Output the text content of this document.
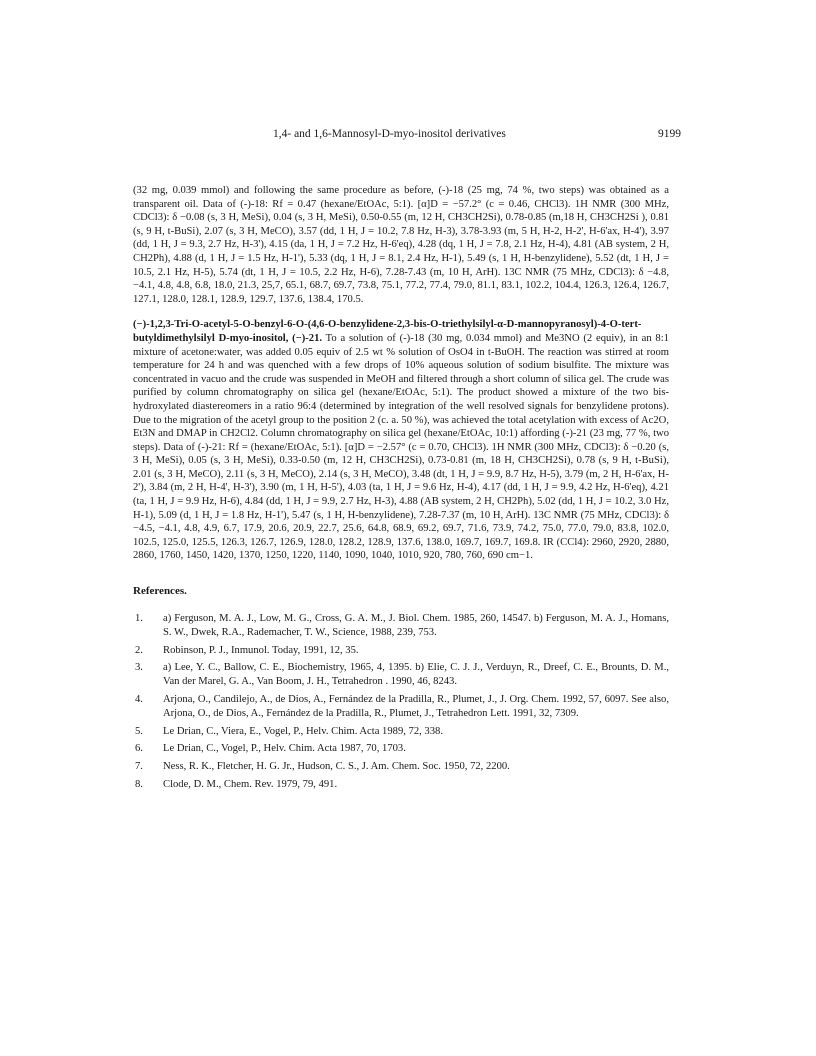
1,4- and 1,6-Mannosyl-D-myo-inositol derivatives	9199

(32 mg, 0.039 mmol) and following the same procedure as before, (-)-18 (25 mg, 74 %, two steps) was obtained as a transparent oil. Data of (-)-18: Rf = 0.47 (hexane/EtOAc, 5:1). [α]D = −57.2° (c = 0.46, CHCl3). 1H NMR (300 MHz, CDCl3): δ −0.08 (s, 3 H, MeSi), 0.04 (s, 3 H, MeSi), 0.50-0.55 (m, 12 H, CH3CH2Si), 0.78-0.85 (m,18 H, CH3CH2Si ), 0.81 (s, 9 H, t-BuSi), 2.07 (s, 3 H, MeCO), 3.57 (dd, 1 H, J = 10.2, 7.8 Hz, H-3), 3.78-3.93 (m, 5 H, H-2, H-2', H-6'ax, H-4'), 3.97 (dd, 1 H, J = 9.3, 2.7 Hz, H-3'), 4.15 (da, 1 H, J = 7.2 Hz, H-6'eq), 4.28 (dq, 1 H, J = 7.8, 2.1 Hz, H-4), 4.81 (AB system, 2 H, CH2Ph), 4.88 (d, 1 H, J = 1.5 Hz, H-1'), 5.33 (dq, 1 H, J = 8.1, 2.4 Hz, H-1), 5.49 (s, 1 H, H-benzylidene), 5.52 (dt, 1 H, J = 10.5, 2.1 Hz, H-5), 5.74 (dt, 1 H, J = 10.5, 2.2 Hz, H-6), 7.28-7.43 (m, 10 H, ArH). 13C NMR (75 MHz, CDCl3): δ −4.8, −4.1, 4.8, 4.8, 6.8, 18.0, 21.3, 25,7, 65.1, 68.7, 69.7, 73.8, 75.1, 77.2, 77.4, 79.0, 81.1, 83.1, 102.2, 104.4, 126.3, 126.4, 126.7, 127.1, 128.0, 128.1, 128.9, 129.7, 137.6, 138.4, 170.5.

(−)-1,2,3-Tri-O-acetyl-5-O-benzyl-6-O-(4,6-O-benzylidene-2,3-bis-O-triethylsilyl-α-D-mannopyranosyl)-4-O-tert-butyldimethylsilyl D-myo-inositol, (−)-21. To a solution of (-)-18 (30 mg, 0.034 mmol) and Me3NO (2 equiv), in an 8:1 mixture of acetone:water, was added 0.05 equiv of 2.5 wt % solution of OsO4 in t-BuOH. The reaction was stirred at room temperature for 24 h and was quenched with a few drops of 10% aqueous solution of sodium bisulfite. The mixture was concentrated in vacuo and the crude was suspended in MeOH and filtered through a short column of silica gel. The crude was purified by column chromatography on silica gel (hexane/EtOAc, 5:1). The product showed a mixture of the two bis-hydroxylated diastereomers in a ratio 96:4 (determined by integration of the well resolved signals for benzylidene protons). Due to the migration of the acetyl group to the position 2 (c. a. 50 %), was achieved the total acetylation with excess of Ac2O, Et3N and DMAP in CH2Cl2. Column chromatography on silica gel (hexane/EtOAc, 10:1) affording (-)-21 (23 mg, 77 %, two steps). Data of (-)-21: Rf = (hexane/EtOAc, 5:1). [α]D = −2.57° (c = 0.70, CHCl3). 1H NMR (300 MHz, CDCl3): δ −0.20 (s, 3 H, MeSi), 0.05 (s, 3 H, MeSi), 0.33-0.50 (m, 12 H, CH3CH2Si), 0.73-0.81 (m, 18 H, CH3CH2Si), 0.78 (s, 9 H, t-BuSi), 2.01 (s, 3 H, MeCO), 2.11 (s, 3 H, MeCO), 2.14 (s, 3 H, MeCO), 3.48 (dt, 1 H, J = 9.9, 8.7 Hz, H-5), 3.79 (m, 2 H, H-6'ax, H-2'), 3.84 (m, 2 H, H-4', H-3'), 3.90 (m, 1 H, H-5'), 4.03 (ta, 1 H, J = 9.6 Hz, H-4), 4.17 (dd, 1 H, J = 9.9, 4.2 Hz, H-6'eq), 4.21 (ta, 1 H, J = 9.9 Hz, H-6), 4.84 (dd, 1 H, J = 9.9, 2.7 Hz, H-3), 4.88 (AB system, 2 H, CH2Ph), 5.02 (dd, 1 H, J = 10.2, 3.0 Hz, H-1), 5.09 (d, 1 H, J = 1.8 Hz, H-1'), 5.47 (s, 1 H, H-benzylidene), 7.28-7.37 (m, 10 H, ArH). 13C NMR (75 MHz, CDCl3): δ −4.5, −4.1, 4.8, 4.9, 6.7, 17.9, 20.6, 20.9, 22.7, 25.6, 64.8, 68.9, 69.2, 69.7, 71.6, 73.9, 74.2, 75.0, 77.0, 79.0, 83.8, 102.0, 102.5, 125.0, 125.5, 126.3, 126.7, 126.9, 128.0, 128.2, 128.9, 137.6, 138.0, 169.7, 169.7, 169.8. IR (CCl4): 2960, 2920, 2880, 2860, 1760, 1450, 1420, 1370, 1250, 1220, 1140, 1090, 1040, 1010, 920, 780, 760, 690 cm−1.

References.
1.	a) Ferguson, M. A. J., Low, M. G., Cross, G. A. M., J. Biol. Chem. 1985, 260, 14547. b) Ferguson, M. A. J., Homans, S. W., Dwek, R.A., Rademacher, T. W., Science, 1988, 239, 753.
2.	Robinson, P. J., Inmunol. Today, 1991, 12, 35.
3.	a) Lee, Y. C., Ballow, C. E., Biochemistry, 1965, 4, 1395. b) Elie, C. J. J., Verduyn, R., Dreef, C. E., Brounts, D. M., Van der Marel, G. A., Van Boom, J. H., Tetrahedron . 1990, 46, 8243.
4.	Arjona, O., Candilejo, A., de Dios, A., Fernández de la Pradilla, R., Plumet, J., J. Org. Chem. 1992, 57, 6097. See also, Arjona, O., de Dios, A., Fernández de la Pradilla, R., Plumet, J., Tetrahedron Lett. 1991, 32, 7309.
5.	Le Drian, C., Viera, E., Vogel, P., Helv. Chim. Acta 1989, 72, 338.
6.	Le Drian, C., Vogel, P., Helv. Chim. Acta 1987, 70, 1703.
7.	Ness, R. K., Fletcher, H. G. Jr., Hudson, C. S., J. Am. Chem. Soc. 1950, 72, 2200.
8.	Clode, D. M., Chem. Rev. 1979, 79, 491.
